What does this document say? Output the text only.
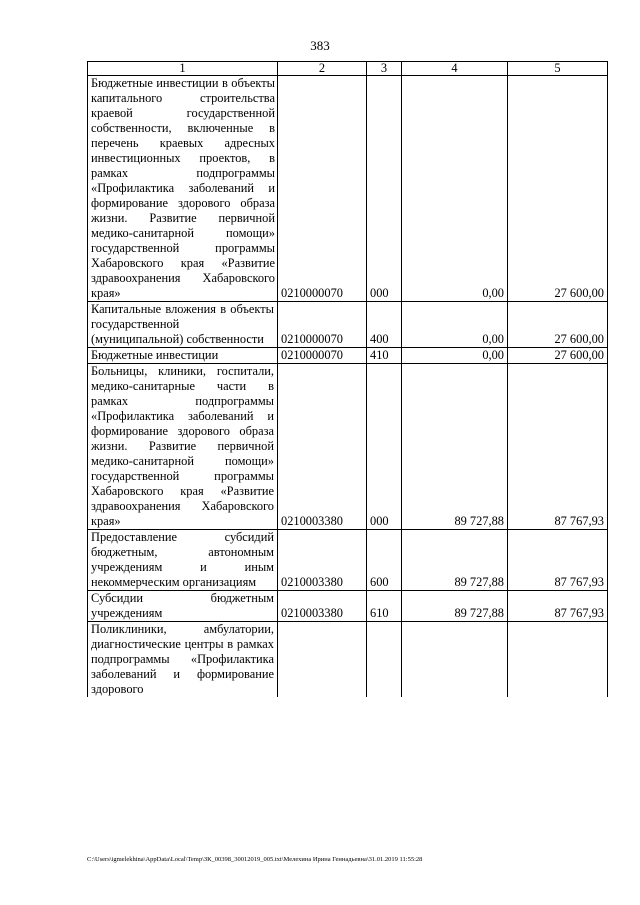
383
1	2	3	4	5

Бюджетные инвестиции в объекты капитального строительства краевой государственной собственности, включенные в перечень краевых адресных инвестиционных проектов, в рамках подпрограммы «Профилактика заболеваний и формирование здорового образа жизни. Развитие первичной медико-санитарной помощи» государственной программы Хабаровского края «Развитие здравоохранения Хабаровского края»	0210000070	000	0,00	27 600,00

Капитальные вложения в объекты государственной (муниципальной) собственности	0210000070	400	0,00	27 600,00

Бюджетные инвестиции	0210000070	410	0,00	27 600,00

Больницы, клиники, госпитали, медико-санитарные части в рамках подпрограммы «Профилактика заболеваний и формирование здорового образа жизни. Развитие первичной медико-санитарной помощи» государственной программы Хабаровского края «Развитие здравоохранения Хабаровского края»	0210003380	000	89 727,88	87 767,93

Предоставление субсидий бюджетным, автономным учреждениям и иным некоммерческим организациям	0210003380	600	89 727,88	87 767,93

Субсидии бюджетным учреждениям	0210003380	610	89 727,88	87 767,93

Поликлиники, амбулатории, диагностические центры в рамках подпрограммы «Профилактика заболеваний и формирование здорового				

C:\Users\igmelekhina\AppData\Local\Temp\ЗК_00398_30012019_005.txt\Мелехина Ирина Геннадьевна\31.01.2019 11:55:28
